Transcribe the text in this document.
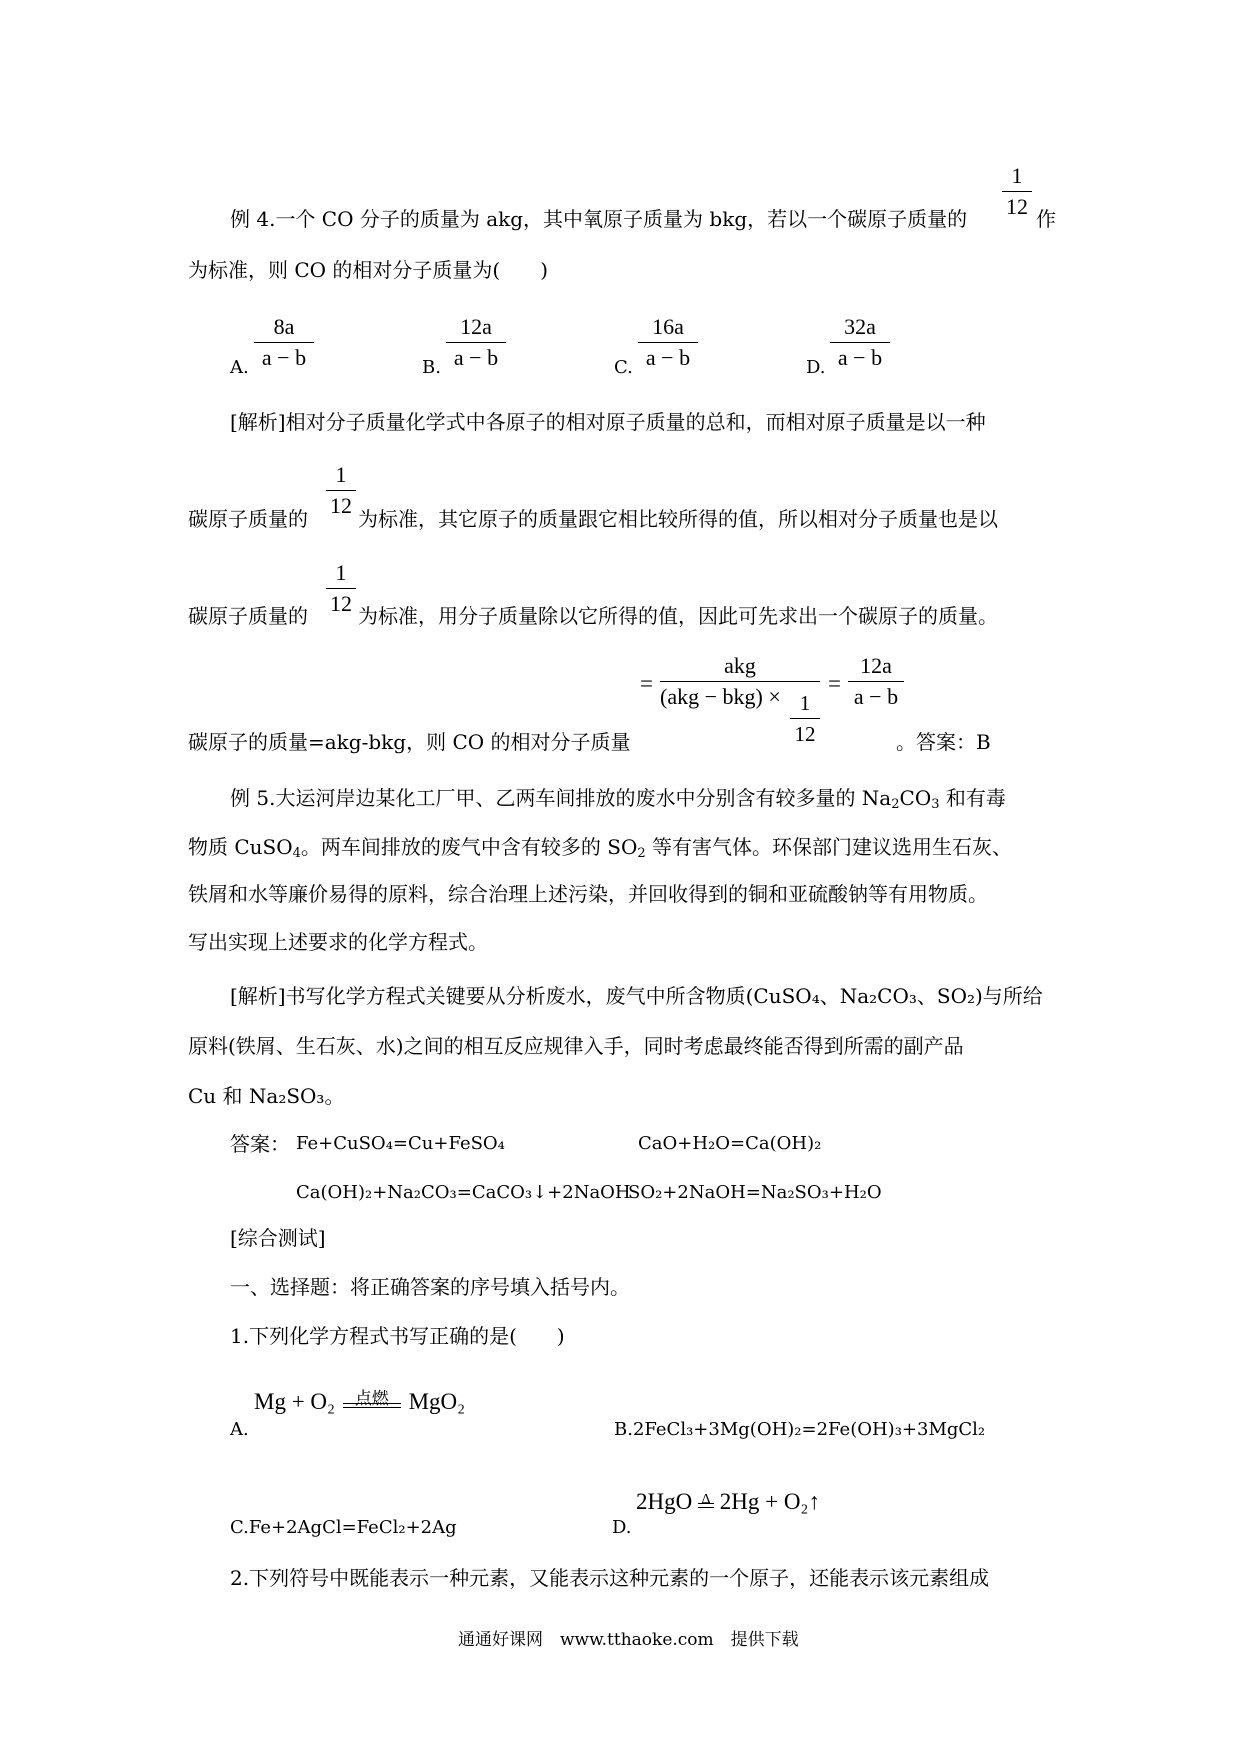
1
12
例 4.一个 CO 分子的质量为 akg，其中氧原子质量为 bkg，若以一个碳原子质量的	作
为标准，则 CO 的相对分子质量为(　　)
A.
8a
a − b	B.
12a
a − b	C.
16a
a − b	D.
32a
a − b
[解析]相对分子质量化学式中各原子的相对原子质量的总和，而相对原子质量是以一种
1
12
碳原子质量的	为标准，其它原子的质量跟它相比较所得的值，所以相对分子质量也是以
1
12
碳原子质量的	为标准，用分子质量除以它所得的值，因此可先求出一个碳原子的质量。
=
akg
(akg − bkg) × 1
12
=
12a
a − b
碳原子的质量=akg-bkg，则 CO 的相对分子质量	。答案：B
例 5.大运河岸边某化工厂甲、乙两车间排放的废水中分别含有较多量的 $Na_2CO_3$ 和有毒
物质 CuSO$_4$。两车间排放的废气中含有较多的 $SO_2$ 等有害气体。环保部门建议选用生石灰、
铁屑和水等廉价易得的原料，综合治理上述污染，并回收得到的铜和亚硫酸钠等有用物质。
写出实现上述要求的化学方程式。
[解析]书写化学方程式关键要从分析废水，废气中所含物质(CuSO₄、Na₂CO₃、SO₂)与所给
原料(铁屑、生石灰、水)之间的相互反应规律入手，同时考虑最终能否得到所需的副产品
Cu 和 Na₂SO₃。
答案： Fe+CuSO₄=Cu+FeSO₄	CaO+H₂O=Ca(OH)₂
Ca(OH)₂+Na₂CO₃=CaCO₃↓+2NaOH
SO₂+2NaOH=Na₂SO₃+H₂O
[综合测试]
一、选择题：将正确答案的序号填入括号内。
1.下列化学方程式书写正确的是(　　)
Mg + O₂	点燃 MgO₂
A.	B.2FeCl₃+3Mg(OH)₂=2Fe(OH)₃+3MgCl₂
2HgO Δ 2Hg + O₂↑
C.Fe+2AgCl=FeCl₂+2Ag	D.
2.下列符号中既能表示一种元素，又能表示这种元素的一个原子，还能表示该元素组成
通通好课网　www.tthaoke.com　提供下载
